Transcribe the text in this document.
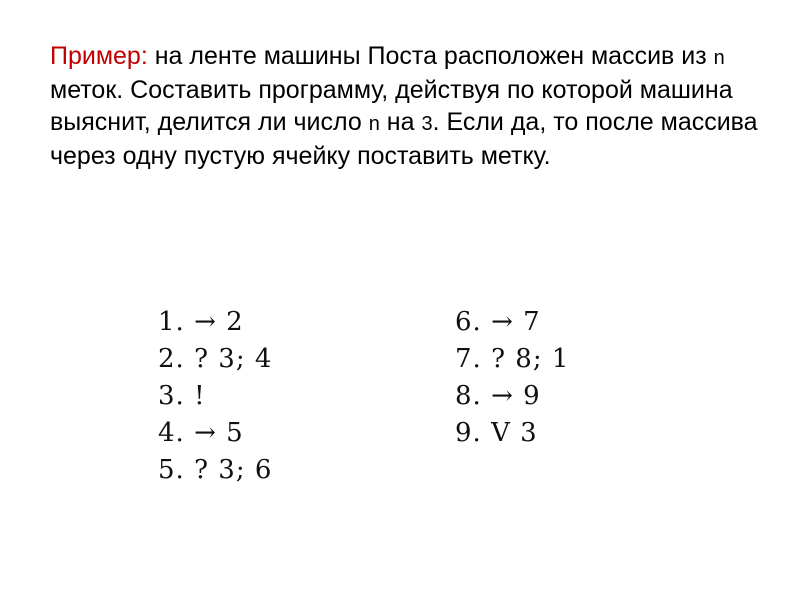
Пример: на ленте машины Поста расположен массив из n меток. Составить программу, действуя по которой машина выяснит, делится ли число n на 3. Если да, то после массива через одну пустую ячейку поставить метку.

1. → 2
2. ? 3; 4
3. !
4. → 5
5. ? 3; 6
6. → 7
7. ? 8; 1
8. → 9
9. V 3
